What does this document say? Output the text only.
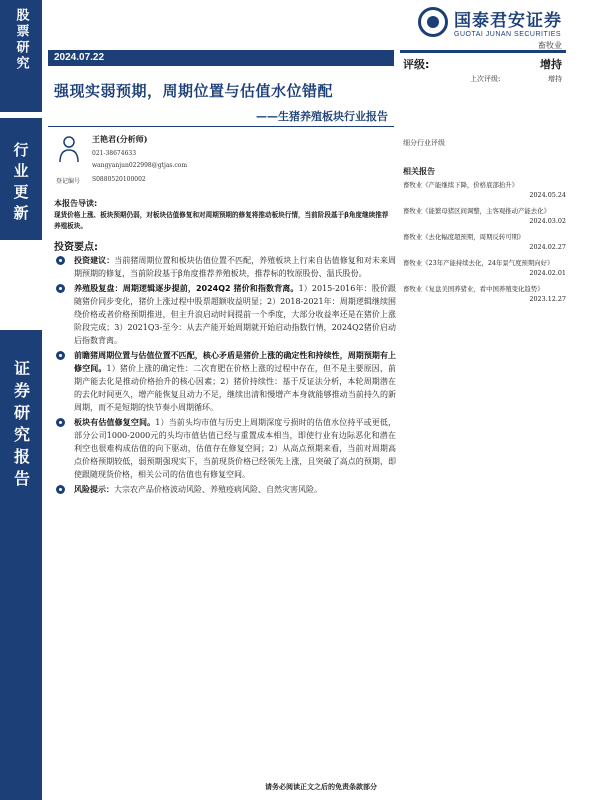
股票研究
行业更新
证券研究报告
国泰君安证券
GUOTAI JUNAN SECURITIES
畜牧业
2024.07.22
评级:	增持
上次评级:	增持
强现实弱预期，周期位置与估值水位错配
——生猪养殖板块行业报告
王艳君(分析师)
021-38674633
wangyanjun022998@gtjas.com
登记编号 S0880520100002
本报告导读:
现货价格上涨、板块预期仍弱，对板块估值修复和对周期预期的修复将推动板块行情，当前阶段基于β角度继续推荐养殖板块。
投资要点:
投资建议：当前猪周期位置和板块估值位置不匹配，养殖板块上行来自估值修复和对未来周期预期的修复，当前阶段基于β角度推荐养殖板块，推荐标的牧原股份、温氏股份。
养殖股复盘：周期逻辑逐步提前，2024Q2 猪价和指数背离。1）2015-2016年：股价跟随猪价同步变化，猪价上涨过程中股票超额收益明显；2）2018-2021年：周期逻辑继续围绕价格或者价格预期推进，但主升浪启动时间提前一个季度，大部分收益率还是在猪价上涨阶段完成；3）2021Q3-至今：从去产能开始周期就开始启动指数行情，2024Q2猪价启动后指数背离。
前瞻猪周期位置与估值位置不匹配，核心矛盾是猪价上涨的确定性和持续性，周期预期有上修空间。1）猪价上涨的确定性：二次育肥在价格上涨的过程中存在，但不是主要原因，前期产能去化是推动价格抬升的核心因素；2）猪价持续性：基于反证法分析，本轮周期潜在的去化时间更久，增产能恢复且动力不足，继续出清和慢增产本身就能够推动当前持久的新周期，而不是短期的快节奏小周期循环。
板块有估值修复空间。1）当前头均市值与历史上周期深度亏损时的估值水位持平或更低，部分公司1000-2000元的头均市值估值已经与重置成本相当，即使行业有边际恶化和潜在利空也很难构成估值的向下驱动，估值存在修复空间；2）从高点预期来看，当前对周期高点价格预期较低，弱预期强现实下，当前现货价格已经领先上涨，且突破了高点的预期，即使跟随现货价格，相关公司的估值也有修复空间。
风险提示：大宗农产品价格波动风险、养殖疫病风险、自然灾害风险。
细分行业评级
相关报告
畜牧业《产能继续下降，价格底部抬升》
2024.05.24
畜牧业《能繁母猪区间调整，主客观推动产能去化》
2024.03.02
畜牧业《去化幅度超预期，周期反转可期》
2024.02.27
畜牧业《23年产能持续去化，24年景气度预期向好》
2024.02.01
畜牧业《复盘美国养猪业，看中国养殖变化趋势》
2023.12.27
请务必阅读正文之后的免责条款部分
